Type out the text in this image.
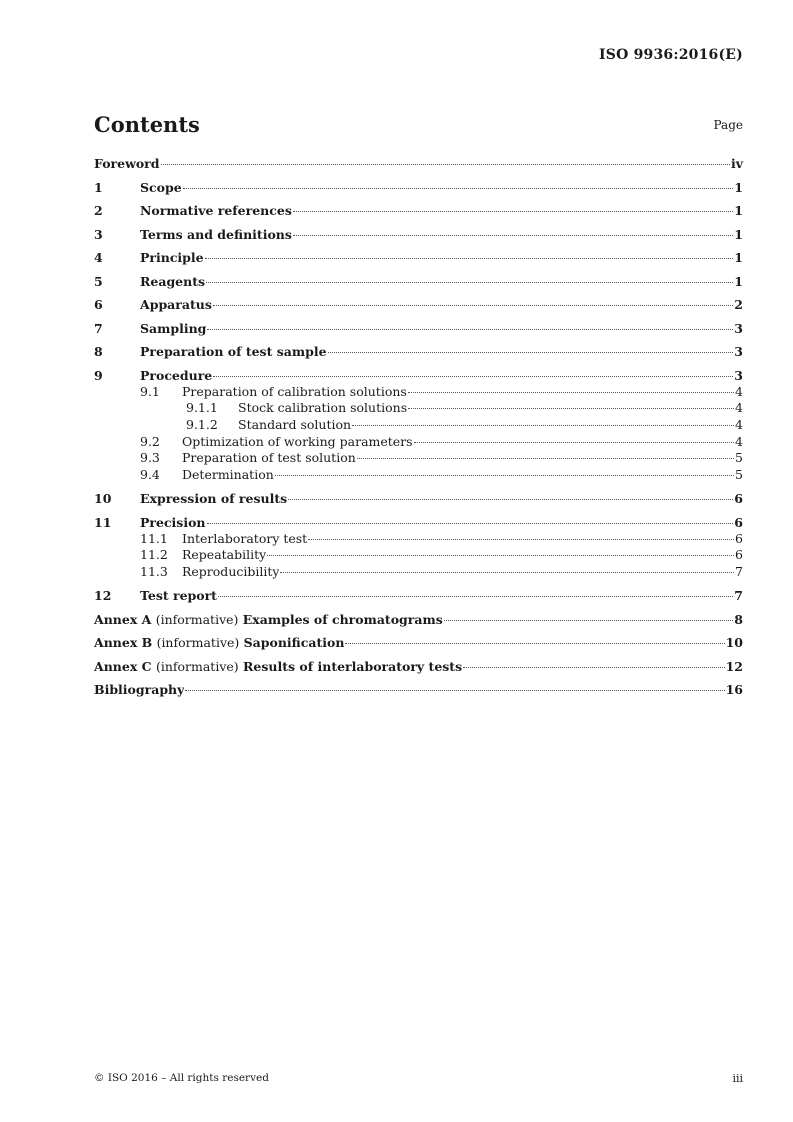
ISO 9936:2016(E)
Contents	Page
Foreword	iv
1	Scope	1
2	Normative references	1
3	Terms and definitions	1
4	Principle	1
5	Reagents	1
6	Apparatus	2
7	Sampling	3
8	Preparation of test sample	3
9	Procedure	3
9.1	Preparation of calibration solutions	4
9.1.1	Stock calibration solutions	4
9.1.2	Standard solution	4
9.2	Optimization of working parameters	4
9.3	Preparation of test solution	5
9.4	Determination	5
10	Expression of results	6
11	Precision	6
11.1	Interlaboratory test	6
11.2	Repeatability	6
11.3	Reproducibility	7
12	Test report	7
Annex A (informative) Examples of chromatograms	8
Annex B (informative) Saponification	10
Annex C (informative) Results of interlaboratory tests	12
Bibliography	16
© ISO 2016 – All rights reserved	iii
